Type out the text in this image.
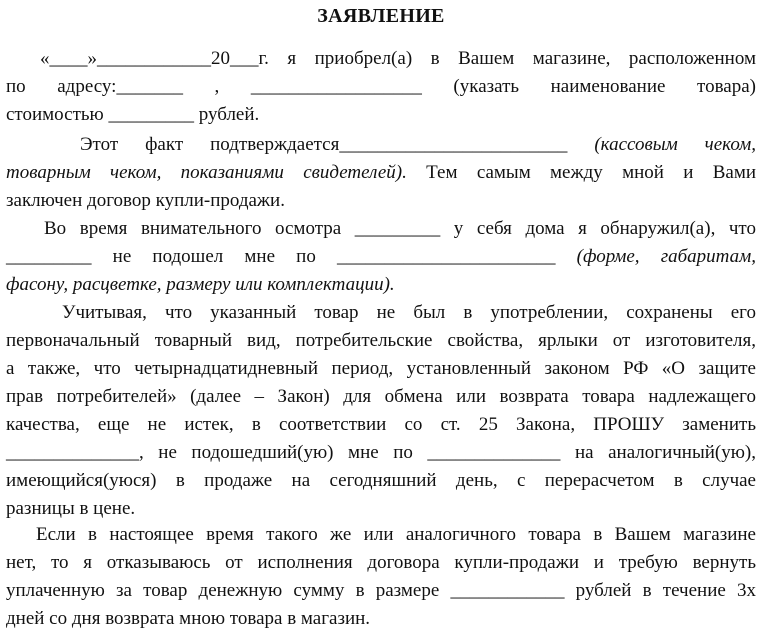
ЗАЯВЛЕНИЕ
«____»____________20___г. я приобрел(а) в Вашем магазине, расположенном
по адресу:_______ , __________________ (указать наименование товара)
стоимостью _________ рублей.
Этот факт подтверждается________________________ (кассовым чеком,
товарным чеком, показаниями свидетелей). Тем самым между мной и Вами
заключен договор купли-продажи.
Во время внимательного осмотра _________ у себя дома я обнаружил(а), что
_________ не подошел мне по _______________________ (форме, габаритам,
фасону, расцветке, размеру или комплектации).
Учитывая, что указанный товар не был в употреблении, сохранены его
первоначальный товарный вид, потребительские свойства, ярлыки от изготовителя,
а также, что четырнадцатидневный период, установленный законом РФ «О защите
прав потребителей» (далее – Закон) для обмена или возврата товара надлежащего
качества, еще не истек, в соответствии со ст. 25 Закона, ПРОШУ заменить
______________, не подошедший(ую) мне по ______________ на аналогичный(ую),
имеющийся(уюся) в продаже на сегодняшний день, с перерасчетом в случае
разницы в цене.
Если в настоящее время такого же или аналогичного товара в Вашем магазине
нет, то я отказываюсь от исполнения договора купли-продажи и требую вернуть
уплаченную за товар денежную сумму в размере ____________ рублей в течение 3х
дней со дня возврата мною товара в магазин.
